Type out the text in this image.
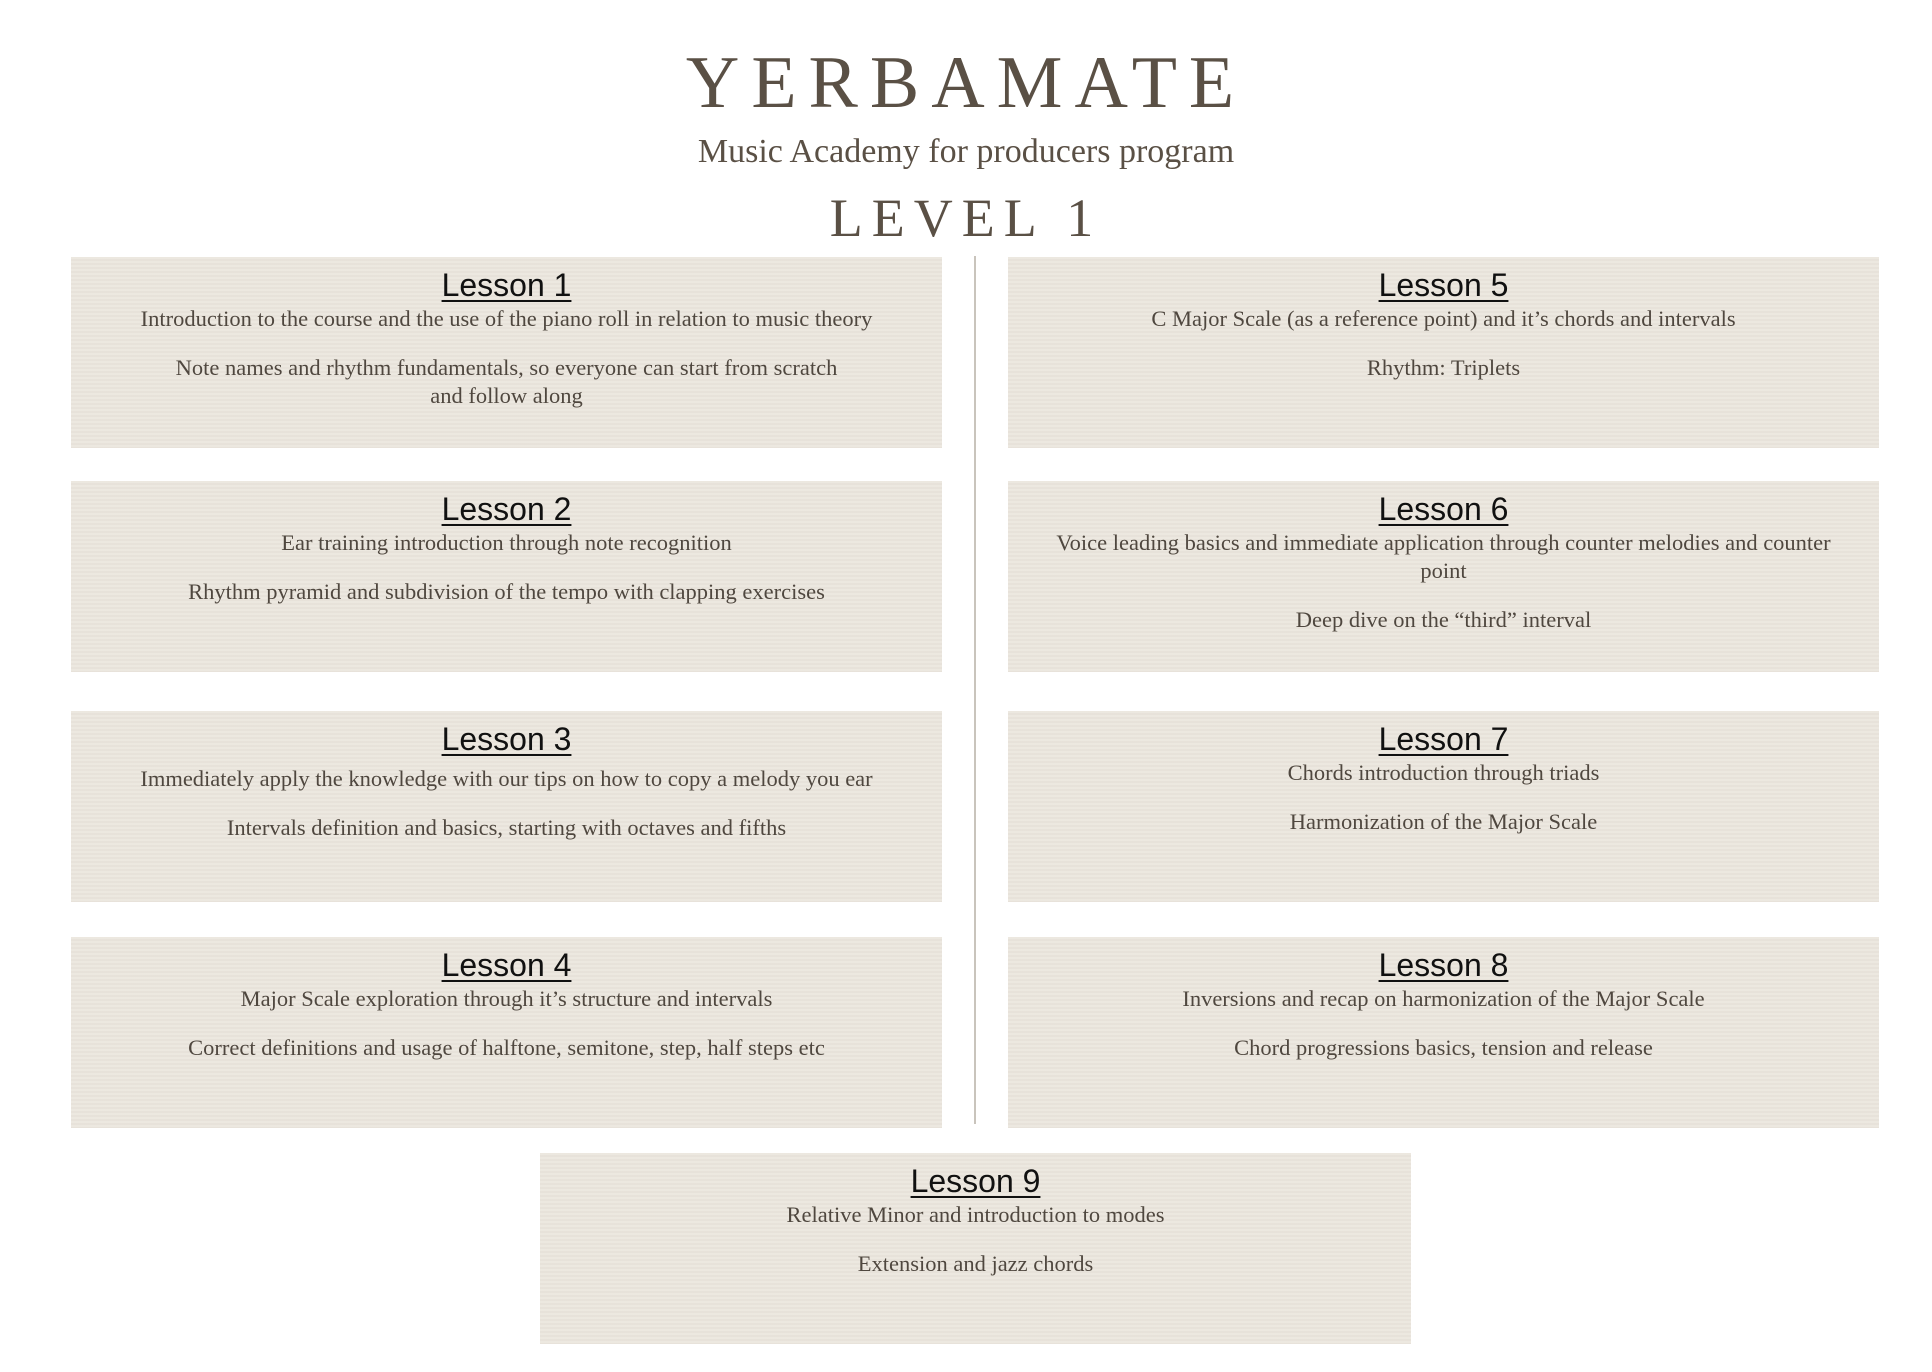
YERBAMATE
Music Academy for producers program
LEVEL 1
Lesson 1

Introduction to the course and the use of the piano roll in relation to music theory

Note names and rhythm fundamentals, so everyone can start from scratch and follow along

Lesson 2

Ear training introduction through note recognition

Rhythm pyramid and subdivision of the tempo with clapping exercises

Lesson 3

Immediately apply the knowledge with our tips on how to copy a melody you ear

Intervals definition and basics, starting with octaves and fifths

Lesson 4

Major Scale exploration through it’s structure and intervals

Correct definitions and usage of halftone, semitone, step, half steps etc

Lesson 5

C Major Scale (as a reference point) and it’s chords and intervals

Rhythm: Triplets

Lesson 6

Voice leading basics and immediate application through counter melodies and counter point

Deep dive on the “third” interval

Lesson 7

Chords introduction through triads

Harmonization of the Major Scale

Lesson 8

Inversions and recap on harmonization of the Major Scale

Chord progressions basics, tension and release

Lesson 9

Relative Minor and introduction to modes

Extension and jazz chords
